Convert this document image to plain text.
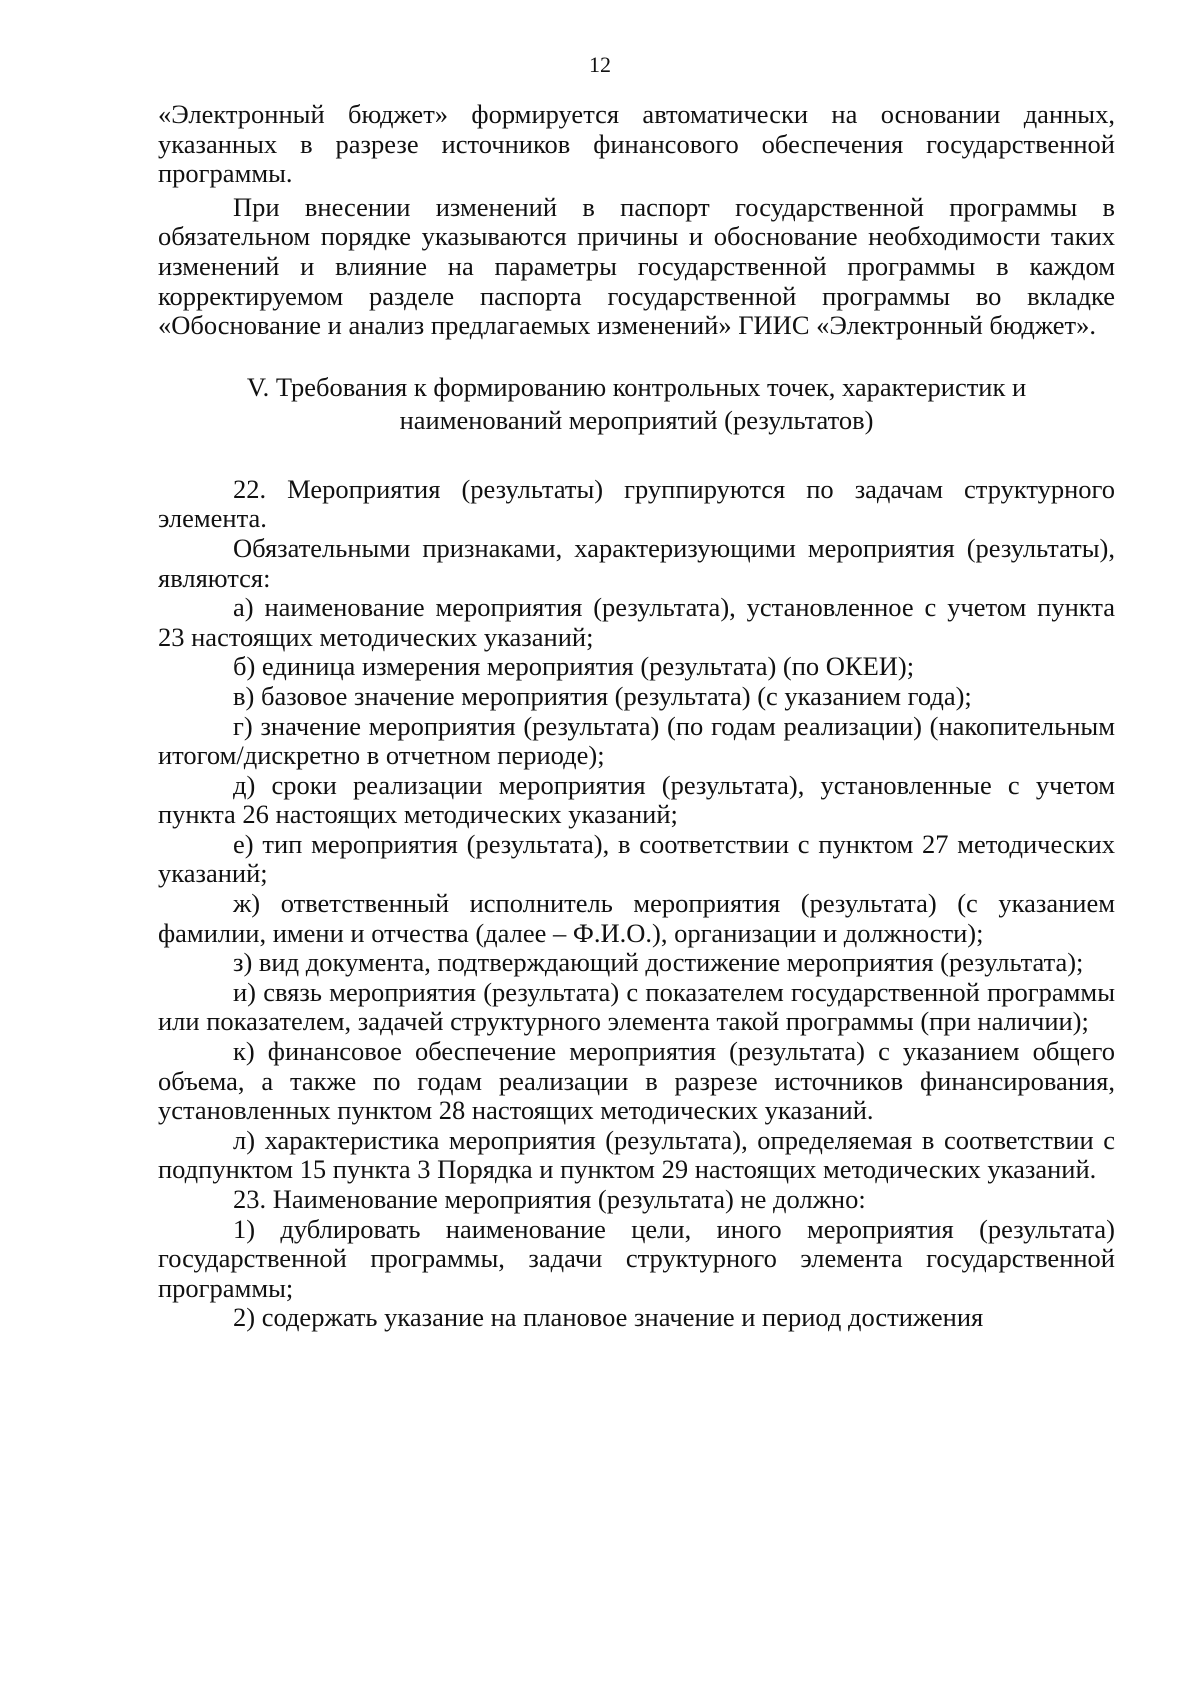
12

«Электронный бюджет» формируется автоматически на основании данных, указанных в разрезе источников финансового обеспечения государственной программы.

При внесении изменений в паспорт государственной программы в обязательном порядке указываются причины и обоснование необходимости таких изменений и влияние на параметры государственной программы в каждом корректируемом разделе паспорта государственной программы во вкладке «Обоснование и анализ предлагаемых изменений» ГИИС «Электронный бюджет».

V. Требования к формированию контрольных точек, характеристик и
наименований мероприятий (результатов)

22. Мероприятия (результаты) группируются по задачам структурного элемента.

Обязательными признаками, характеризующими мероприятия (результаты), являются:

а) наименование мероприятия (результата), установленное с учетом пункта 23 настоящих методических указаний;

б) единица измерения мероприятия (результата) (по ОКЕИ);

в) базовое значение мероприятия (результата) (с указанием года);

г) значение мероприятия (результата) (по годам реализации) (накопительным итогом/дискретно в отчетном периоде);

д) сроки реализации мероприятия (результата), установленные с учетом пункта 26 настоящих методических указаний;

е) тип мероприятия (результата), в соответствии с пунктом 27 методических указаний;

ж) ответственный исполнитель мероприятия (результата) (с указанием фамилии, имени и отчества (далее – Ф.И.О.), организации и должности);

з) вид документа, подтверждающий достижение мероприятия (результата);

и) связь мероприятия (результата) с показателем государственной программы или показателем, задачей структурного элемента такой программы (при наличии);

к) финансовое обеспечение мероприятия (результата) с указанием общего объема, а также по годам реализации в разрезе источников финансирования, установленных пунктом 28 настоящих методических указаний.

л) характеристика мероприятия (результата), определяемая в соответствии с подпунктом 15 пункта 3 Порядка и пунктом 29 настоящих методических указаний.

23. Наименование мероприятия (результата) не должно:

1) дублировать наименование цели, иного мероприятия (результата) государственной программы, задачи структурного элемента государственной программы;

2) содержать указание на плановое значение и период достижения
